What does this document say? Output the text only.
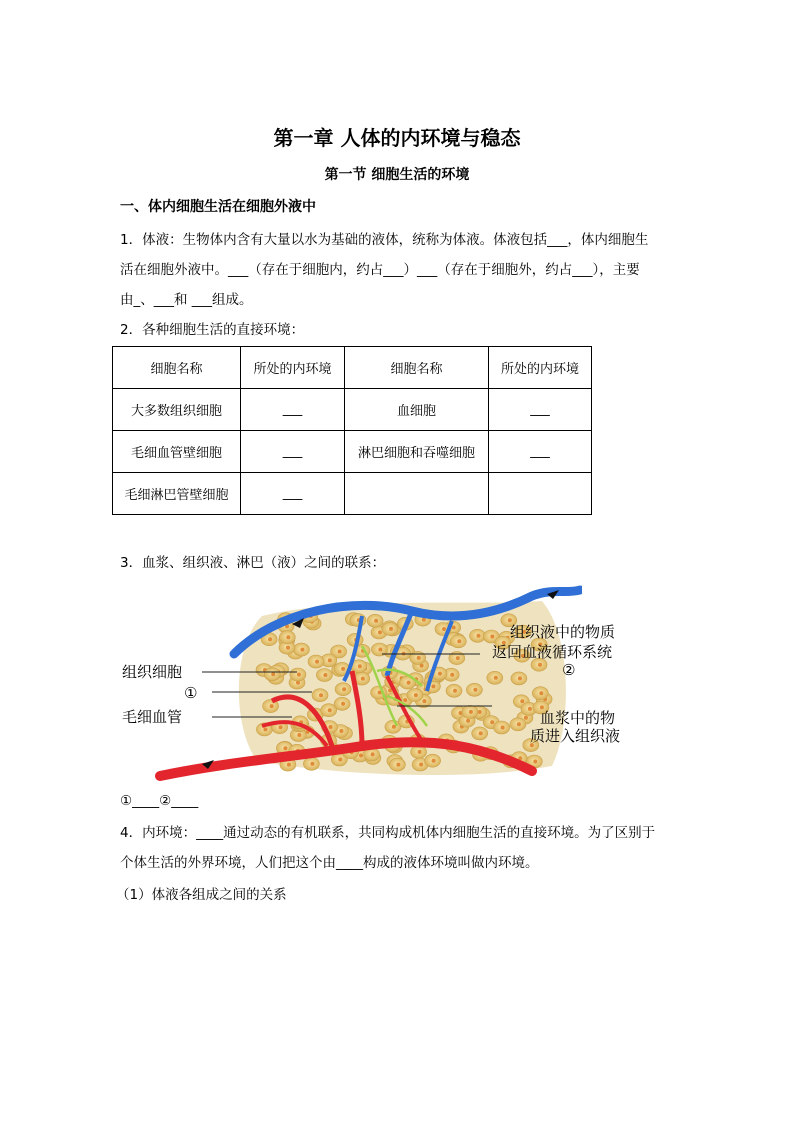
第一章 人体的内环境与稳态
第一节 细胞生活的环境
一、体内细胞生活在细胞外液中
1．体液：生物体内含有大量以水为基础的液体，统称为体液。体液包括___，体内细胞生
活在细胞外液中。___（存在于细胞内，约占___）___（存在于细胞外，约占___），主要
由_、___和 ___组成。
2．各种细胞生活的直接环境：
细胞名称	所处的内环境	细胞名称	所处的内环境
大多数组织细胞	___	血细胞	___
毛细血管壁细胞	___	淋巴细胞和吞噬细胞	___
毛细淋巴管壁细胞	___		
3．血浆、组织液、淋巴（液）之间的联系：
组织细胞
①
毛细血管
组织液中的物质
返回血液循环系统
②
血浆中的物
质进入组织液
①____②____
4．内环境：____通过动态的有机联系，共同构成机体内细胞生活的直接环境。为了区别于
个体生活的外界环境，人们把这个由____构成的液体环境叫做内环境。
（1）体液各组成之间的关系
